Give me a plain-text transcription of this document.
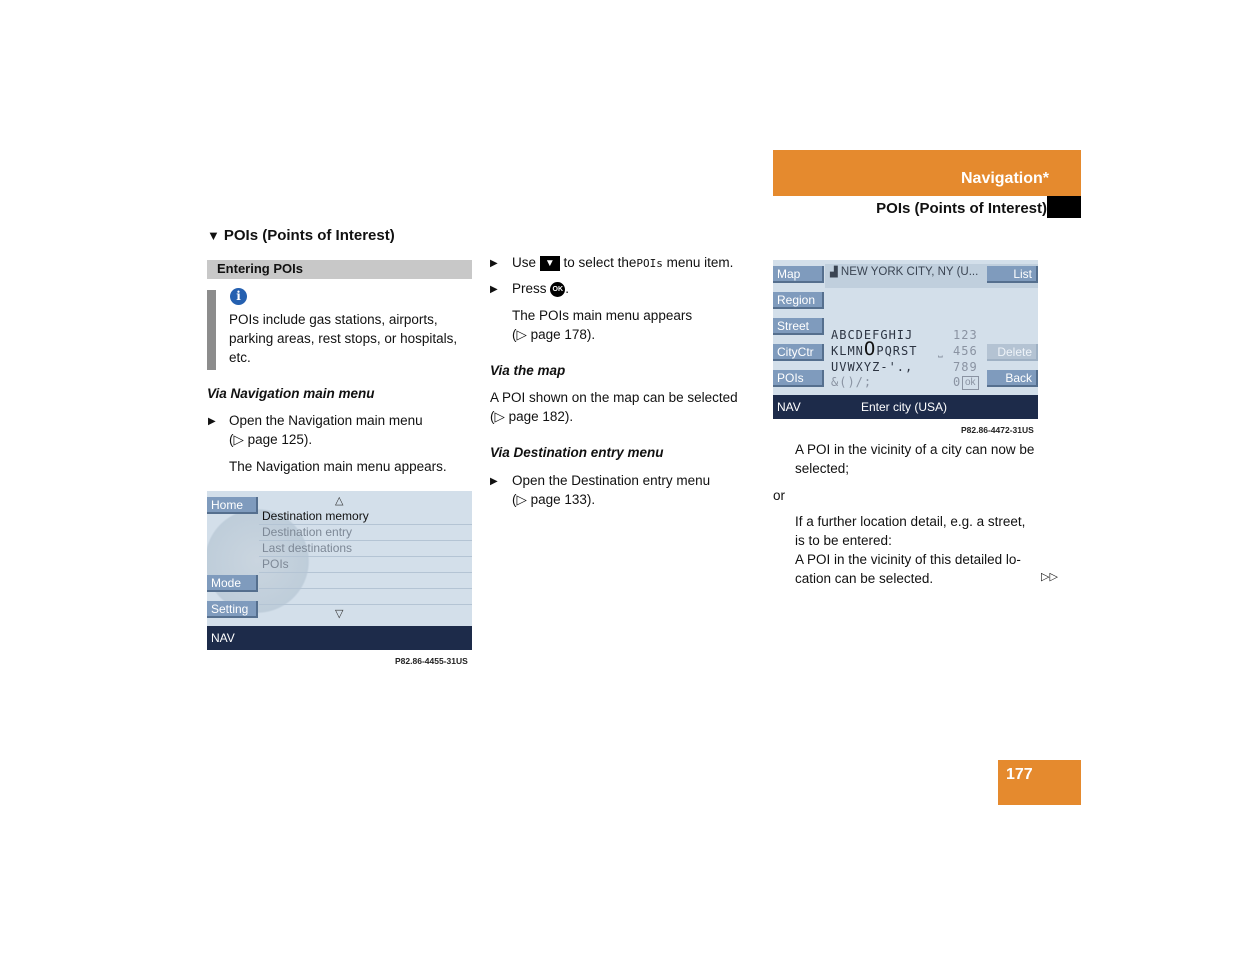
Navigation*
POIs (Points of Interest)
▼ POIs (Points of Interest)
Entering POIs
i
POIs include gas stations, airports,
parking areas, rest stops, or hospitals,
etc.
Via Navigation main menu
▶ Open the Navigation main menu
(▷ page 125).
The Navigation main menu appears.
Home
Mode
Setting
△
Destination memory
Destination entry
Last destinations
POIs
▽
NAV
P82.86-4455-31US
▶ Use ▼ to select thePOIs menu item.
▶ Press OK .
The POIs main menu appears
(▷ page 178).
Via the map
A POI shown on the map can be selected
(▷ page 182).
Via Destination entry menu
▶ Open the Destination entry menu
(▷ page 133).
Map
Region
Street
CityCtr
POIs
▟ NEW YORK CITY, NY (U...	List
Delete
Back
ABCDEFGHIJ
KLMNOPQRST
UVWXYZ-'.,
&()/;
123
⎵ 456
789
0 ok
NAV	Enter city (USA)
P82.86-4472-31US
A POI in the vicinity of a city can now be
selected;
or
If a further location detail, e.g. a street,
is to be entered:
A POI in the vicinity of this detailed lo-
cation can be selected.	▷▷
177
